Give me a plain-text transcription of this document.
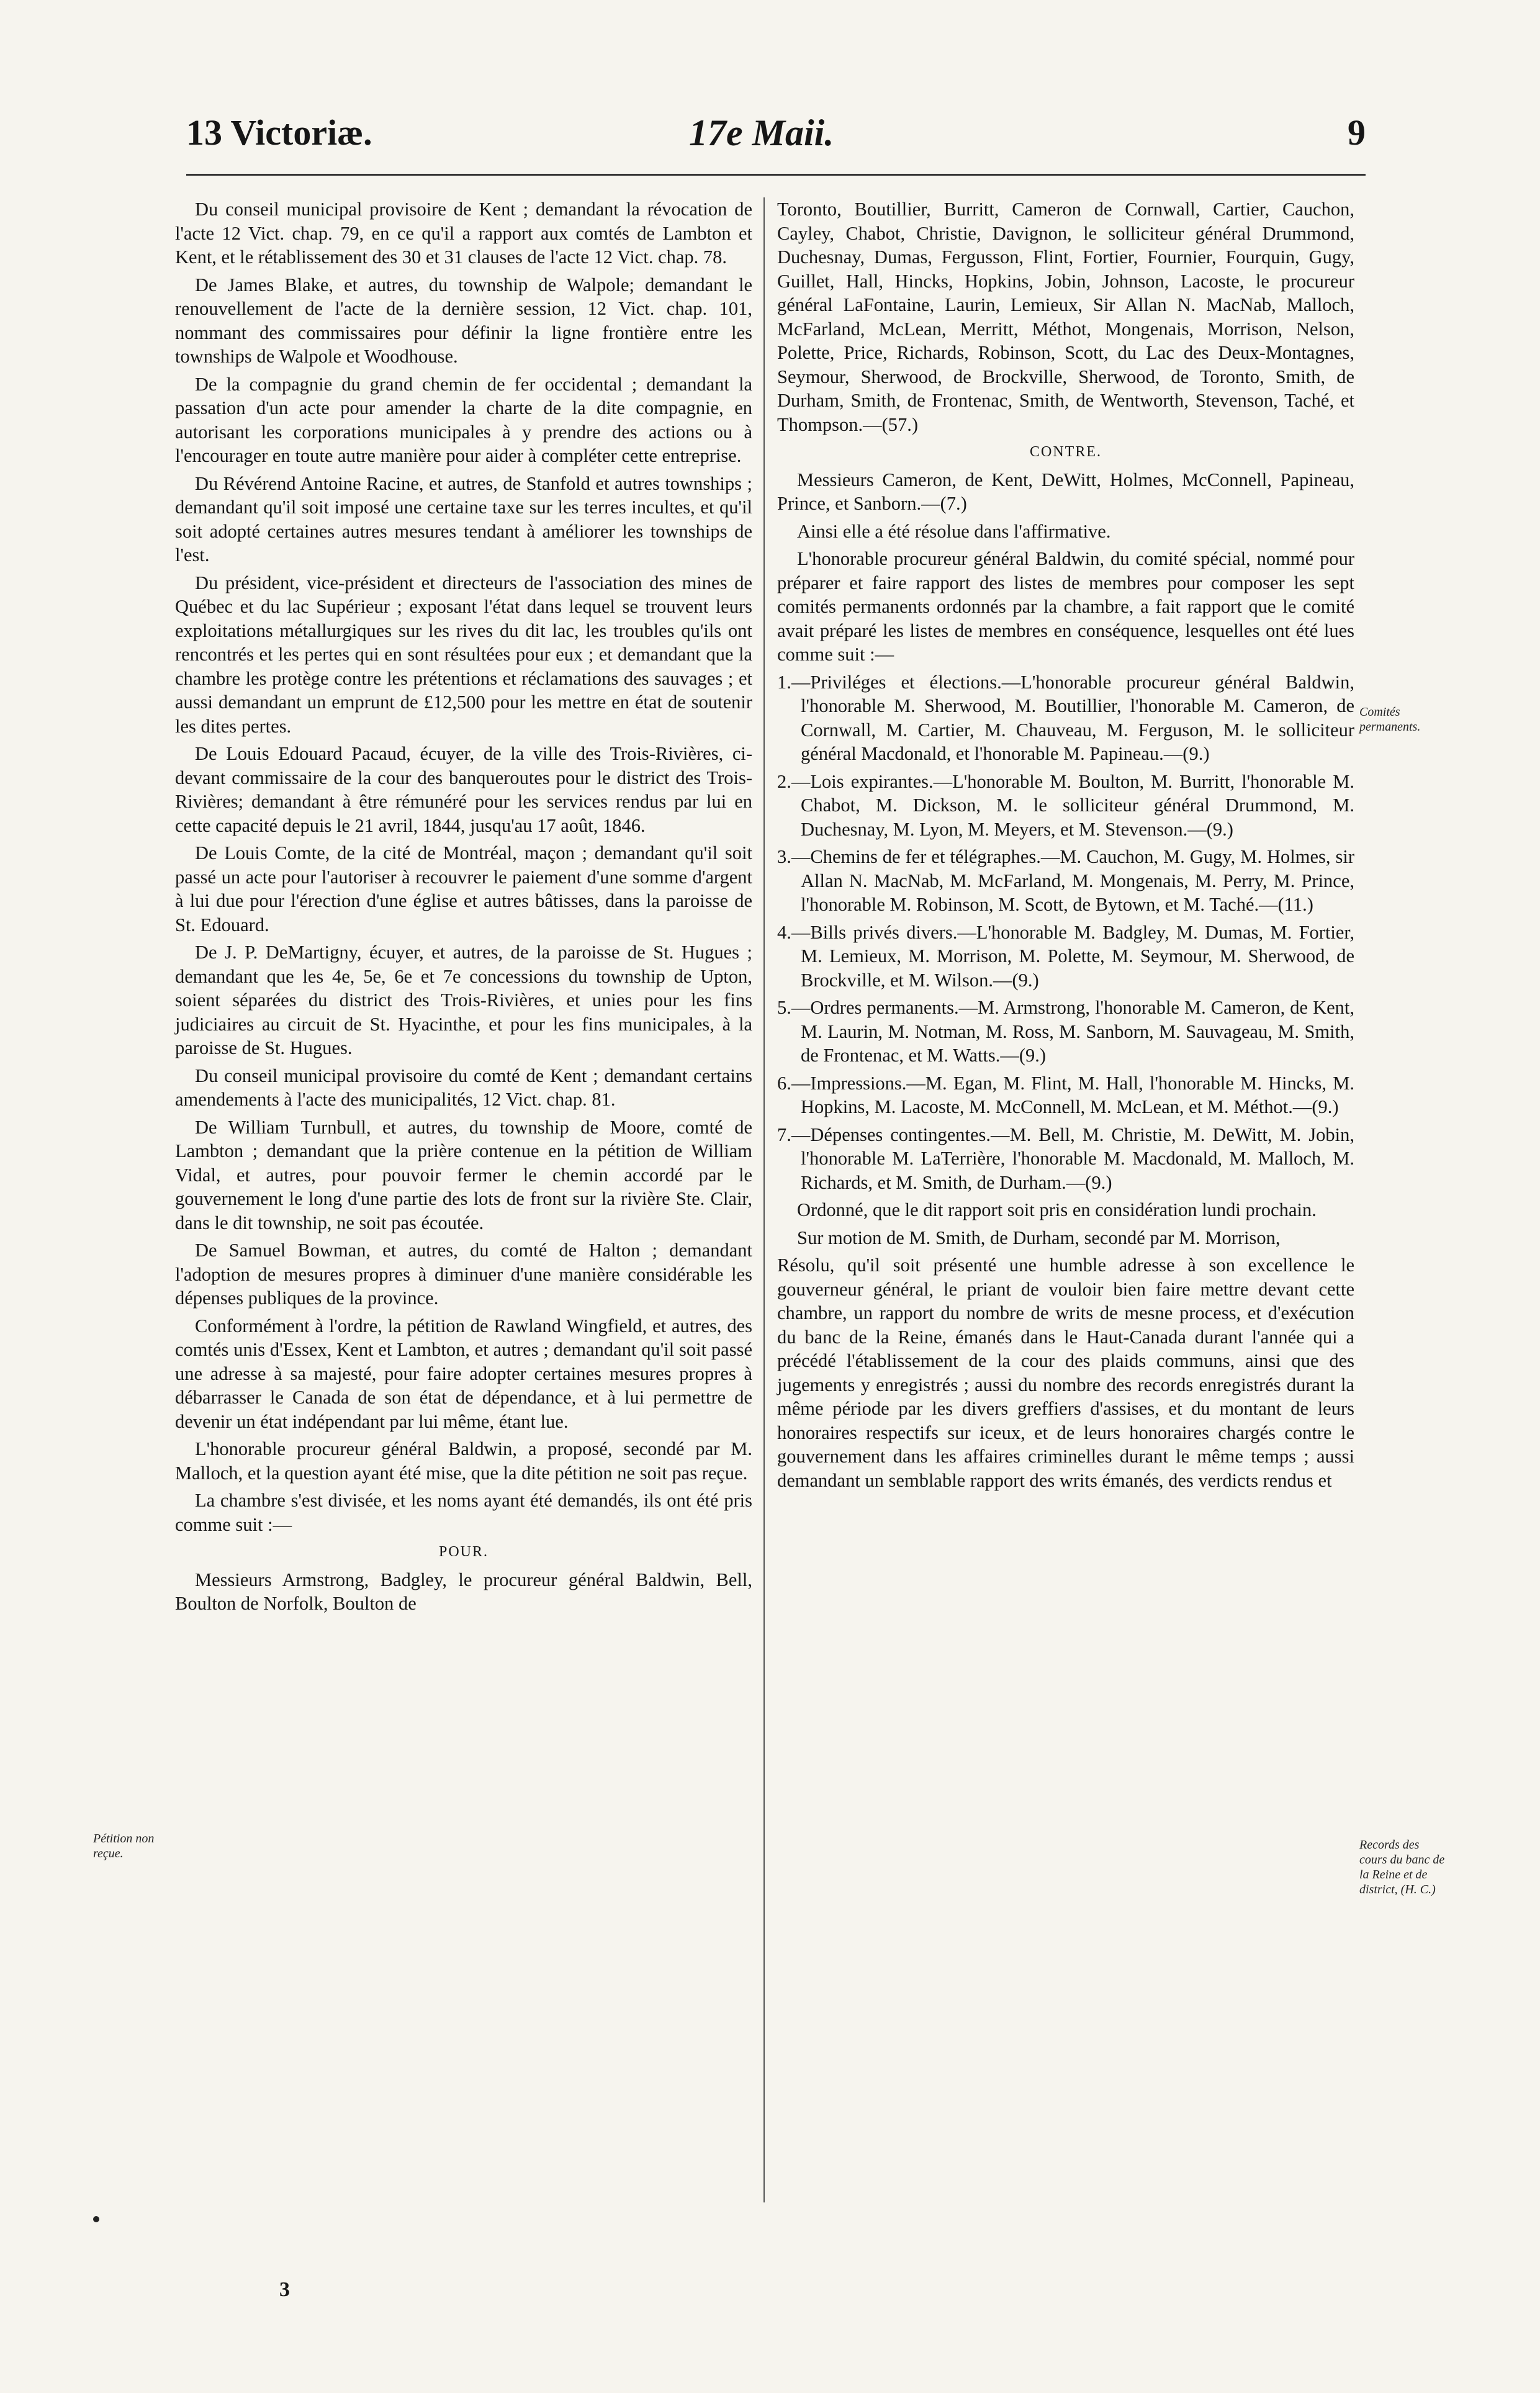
13 Victoriæ.	17e Maii.	9

Du conseil municipal provisoire de Kent ; demandant la révocation de l'acte 12 Vict. chap. 79, en ce qu'il a rapport aux comtés de Lambton et Kent, et le rétablissement des 30 et 31 clauses de l'acte 12 Vict. chap. 78.

De James Blake, et autres, du township de Walpole; demandant le renouvellement de l'acte de la dernière session, 12 Vict. chap. 101, nommant des commissaires pour définir la ligne frontière entre les townships de Walpole et Woodhouse.

De la compagnie du grand chemin de fer occidental ; demandant la passation d'un acte pour amender la charte de la dite compagnie, en autorisant les corporations municipales à y prendre des actions ou à l'encourager en toute autre manière pour aider à compléter cette entreprise.

Du Révérend Antoine Racine, et autres, de Stanfold et autres townships ; demandant qu'il soit imposé une certaine taxe sur les terres incultes, et qu'il soit adopté certaines autres mesures tendant à améliorer les townships de l'est.

Du président, vice-président et directeurs de l'association des mines de Québec et du lac Supérieur ; exposant l'état dans lequel se trouvent leurs exploitations métallurgiques sur les rives du dit lac, les troubles qu'ils ont rencontrés et les pertes qui en sont résultées pour eux ; et demandant que la chambre les protège contre les prétentions et réclamations des sauvages ; et aussi demandant un emprunt de £12,500 pour les mettre en état de soutenir les dites pertes.

De Louis Edouard Pacaud, écuyer, de la ville des Trois-Rivières, ci-devant commissaire de la cour des banqueroutes pour le district des Trois-Rivières; demandant à être rémunéré pour les services rendus par lui en cette capacité depuis le 21 avril, 1844, jusqu'au 17 août, 1846.

De Louis Comte, de la cité de Montréal, maçon ; demandant qu'il soit passé un acte pour l'autoriser à recouvrer le paiement d'une somme d'argent à lui due pour l'érection d'une église et autres bâtisses, dans la paroisse de St. Edouard.

De J. P. DeMartigny, écuyer, et autres, de la paroisse de St. Hugues ; demandant que les 4e, 5e, 6e et 7e concessions du township de Upton, soient séparées du district des Trois-Rivières, et unies pour les fins judiciaires au circuit de St. Hyacinthe, et pour les fins municipales, à la paroisse de St. Hugues.

Du conseil municipal provisoire du comté de Kent ; demandant certains amendements à l'acte des municipalités, 12 Vict. chap. 81.

De William Turnbull, et autres, du township de Moore, comté de Lambton ; demandant que la prière contenue en la pétition de William Vidal, et autres, pour pouvoir fermer le chemin accordé par le gouvernement le long d'une partie des lots de front sur la rivière Ste. Clair, dans le dit township, ne soit pas écoutée.

De Samuel Bowman, et autres, du comté de Halton ; demandant l'adoption de mesures propres à diminuer d'une manière considérable les dépenses publiques de la province.

Conformément à l'ordre, la pétition de Rawland Wingfield, et autres, des comtés unis d'Essex, Kent et Lambton, et autres ; demandant qu'il soit passé une adresse à sa majesté, pour faire adopter certaines mesures propres à débarrasser le Canada de son état de dépendance, et à lui permettre de devenir un état indépendant par lui même, étant lue.

L'honorable procureur général Baldwin, a proposé, secondé par M. Malloch, et la question ayant été mise, que la dite pétition ne soit pas reçue.

La chambre s'est divisée, et les noms ayant été demandés, ils ont été pris comme suit :—

POUR.

Messieurs Armstrong, Badgley, le procureur général Baldwin, Bell, Boulton de Norfolk, Boulton de

Toronto, Boutillier, Burritt, Cameron de Cornwall, Cartier, Cauchon, Cayley, Chabot, Christie, Davignon, le solliciteur général Drummond, Duchesnay, Dumas, Fergusson, Flint, Fortier, Fournier, Fourquin, Gugy, Guillet, Hall, Hincks, Hopkins, Jobin, Johnson, Lacoste, le procureur général LaFontaine, Laurin, Lemieux, Sir Allan N. MacNab, Malloch, McFarland, McLean, Merritt, Méthot, Mongenais, Morrison, Nelson, Polette, Price, Richards, Robinson, Scott, du Lac des Deux-Montagnes, Seymour, Sherwood, de Brockville, Sherwood, de Toronto, Smith, de Durham, Smith, de Frontenac, Smith, de Wentworth, Stevenson, Taché, et Thompson.—(57.)

CONTRE.

Messieurs Cameron, de Kent, DeWitt, Holmes, McConnell, Papineau, Prince, et Sanborn.—(7.)

Ainsi elle a été résolue dans l'affirmative.

L'honorable procureur général Baldwin, du comité spécial, nommé pour préparer et faire rapport des listes de membres pour composer les sept comités permanents ordonnés par la chambre, a fait rapport que le comité avait préparé les listes de membres en conséquence, lesquelles ont été lues comme suit :—

1.—Priviléges et élections.—L'honorable procureur général Baldwin, l'honorable M. Sherwood, M. Boutillier, l'honorable M. Cameron, de Cornwall, M. Cartier, M. Chauveau, M. Ferguson, M. le solliciteur général Macdonald, et l'honorable M. Papineau.—(9.)

2.—Lois expirantes.—L'honorable M. Boulton, M. Burritt, l'honorable M. Chabot, M. Dickson, M. le solliciteur général Drummond, M. Duchesnay, M. Lyon, M. Meyers, et M. Stevenson.—(9.)

3.—Chemins de fer et télégraphes.—M. Cauchon, M. Gugy, M. Holmes, sir Allan N. MacNab, M. McFarland, M. Mongenais, M. Perry, M. Prince, l'honorable M. Robinson, M. Scott, de Bytown, et M. Taché.—(11.)

4.—Bills privés divers.—L'honorable M. Badgley, M. Dumas, M. Fortier, M. Lemieux, M. Morrison, M. Polette, M. Seymour, M. Sherwood, de Brockville, et M. Wilson.—(9.)

5.—Ordres permanents.—M. Armstrong, l'honorable M. Cameron, de Kent, M. Laurin, M. Notman, M. Ross, M. Sanborn, M. Sauvageau, M. Smith, de Frontenac, et M. Watts.—(9.)

6.—Impressions.—M. Egan, M. Flint, M. Hall, l'honorable M. Hincks, M. Hopkins, M. Lacoste, M. McConnell, M. McLean, et M. Méthot.—(9.)

7.—Dépenses contingentes.—M. Bell, M. Christie, M. DeWitt, M. Jobin, l'honorable M. LaTerrière, l'honorable M. Macdonald, M. Malloch, M. Richards, et M. Smith, de Durham.—(9.)

Ordonné, que le dit rapport soit pris en considération lundi prochain.

Sur motion de M. Smith, de Durham, secondé par M. Morrison,

Résolu, qu'il soit présenté une humble adresse à son excellence le gouverneur général, le priant de vouloir bien faire mettre devant cette chambre, un rapport du nombre de writs de mesne process, et d'exécution du banc de la Reine, émanés dans le Haut-Canada durant l'année qui a précédé l'établissement de la cour des plaids communs, ainsi que des jugements y enregistrés ; aussi du nombre des records enregistrés durant la même période par les divers greffiers d'assises, et du montant de leurs honoraires respectifs sur iceux, et de leurs honoraires chargés contre le gouvernement dans les affaires criminelles durant le même temps ; aussi demandant un semblable rapport des writs émanés, des verdicts rendus et

Pétition non reçue.
Comités permanents.
Records des cours du banc de la Reine et de district, (H. C.)
3
